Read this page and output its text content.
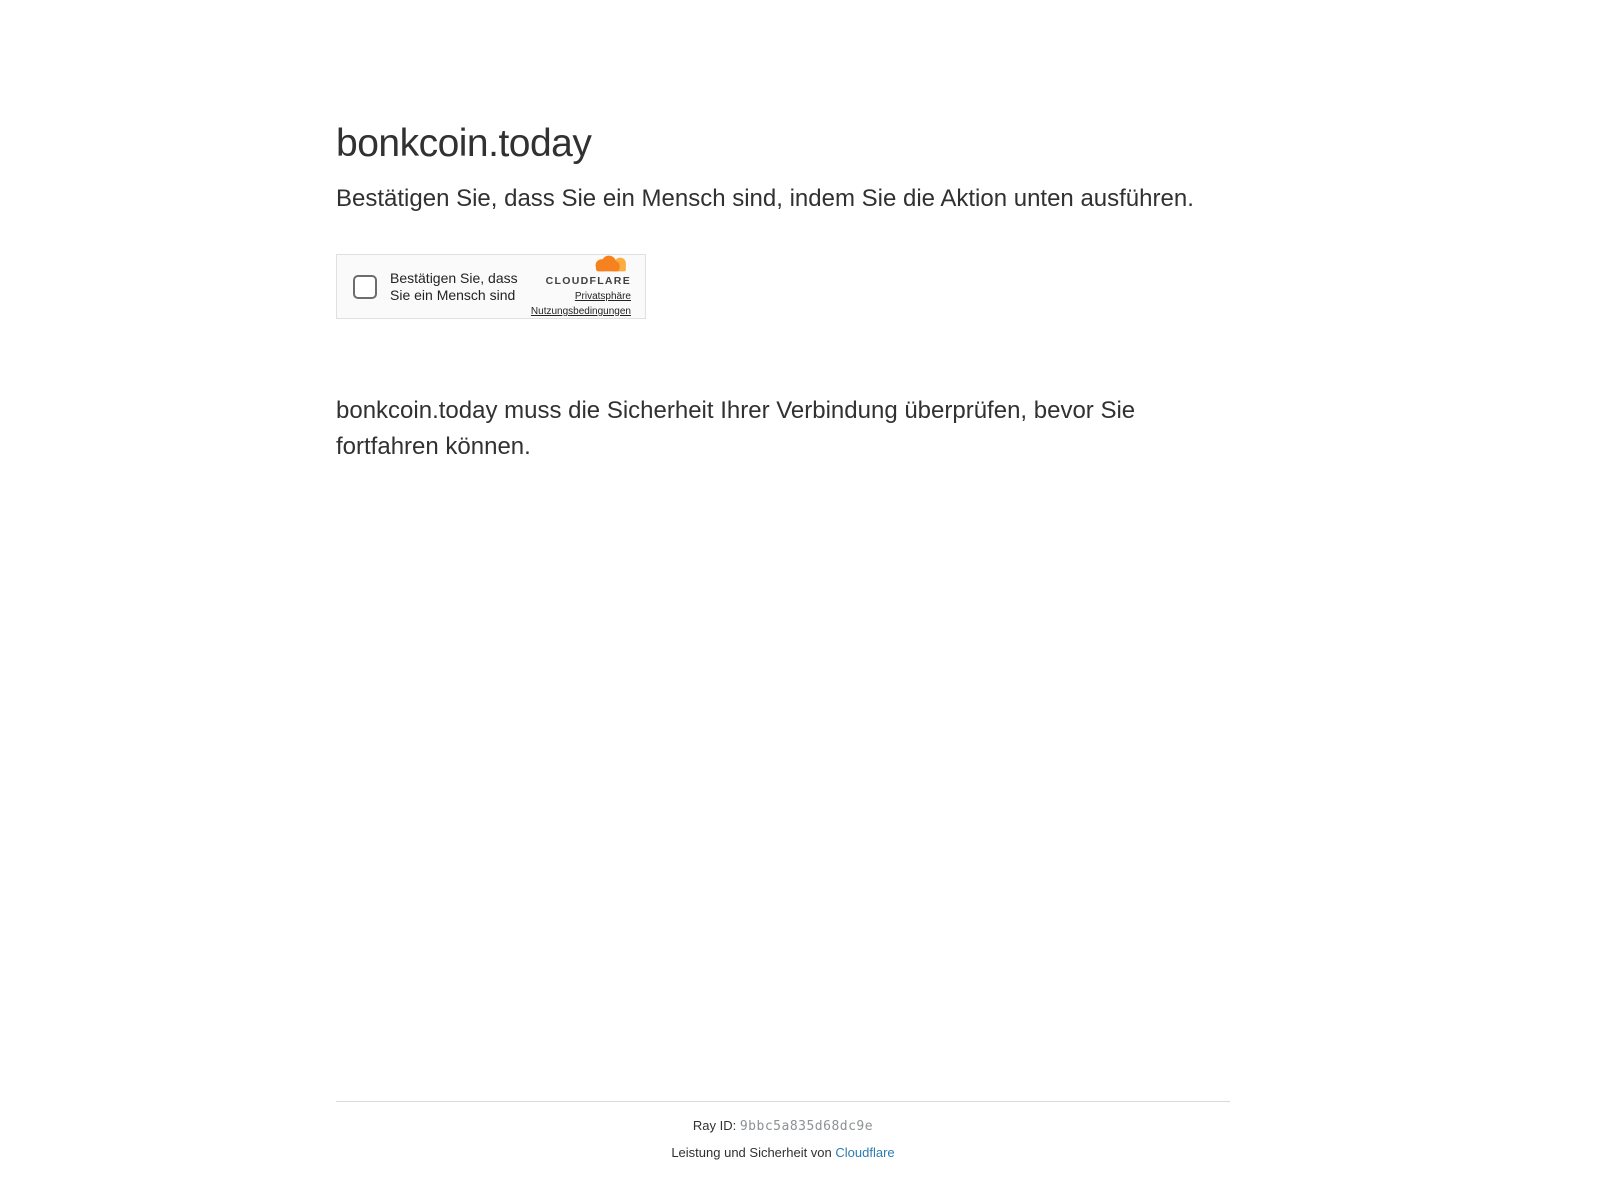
bonkcoin.today
Bestätigen Sie, dass Sie ein Mensch sind, indem Sie die Aktion unten ausführen.
Bestätigen Sie, dass Sie ein Mensch sind
CLOUDFLARE
Privatsphäre
Nutzungsbedingungen

bonkcoin.today muss die Sicherheit Ihrer Verbindung überprüfen, bevor Sie fortfahren können.

Ray ID: 9bbc5a835d68dc9e
Leistung und Sicherheit von Cloudflare
